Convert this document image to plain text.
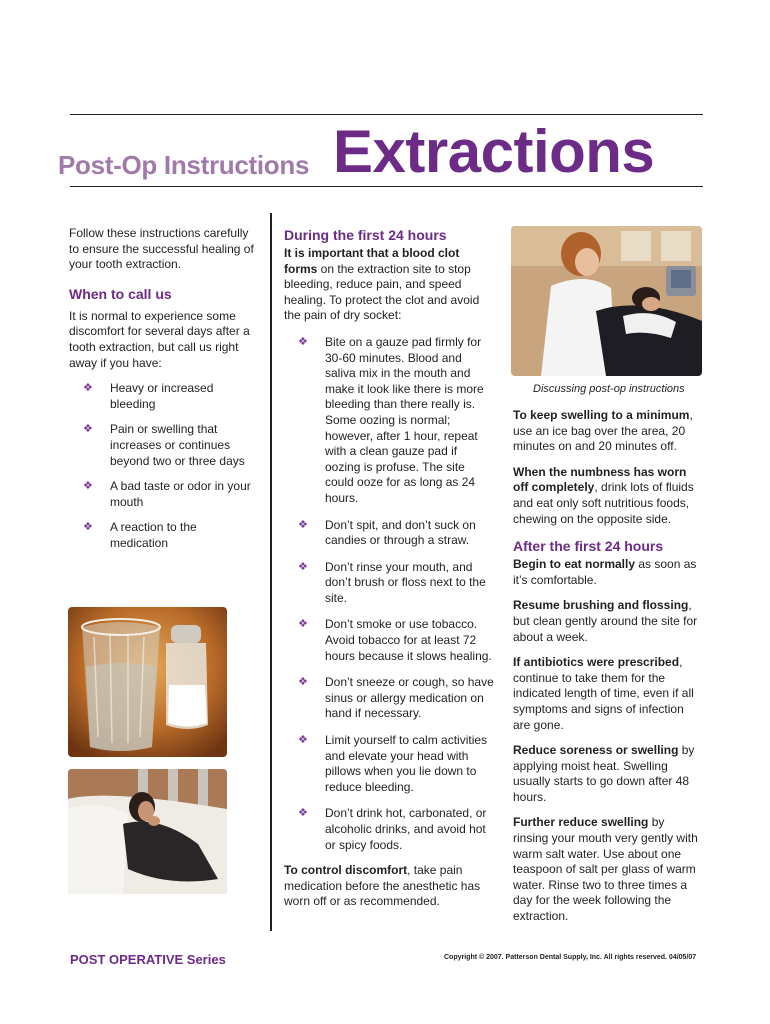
Post-Op Instructions Extractions

Follow these instructions carefully to ensure the successful healing of your tooth extraction.

When to call us

It is normal to experience some discomfort for several days after a tooth extraction, but call us right away if you have:

❖ Heavy or increased bleeding
❖ Pain or swelling that increases or continues beyond two or three days
❖ A bad taste or odor in your mouth
❖ A reaction to the medication
During the first 24 hours

It is important that a blood clot forms on the extraction site to stop bleeding, reduce pain, and speed healing. To protect the clot and avoid the pain of dry socket:

❖ Bite on a gauze pad firmly for 30-60 minutes. Blood and saliva mix in the mouth and make it look like there is more bleeding than there really is. Some oozing is normal; however, after 1 hour, repeat with a clean gauze pad if oozing is profuse. The site could ooze for as long as 24 hours.
❖ Don’t spit, and don’t suck on candies or through a straw.
❖ Don’t rinse your mouth, and don’t brush or floss next to the site.
❖ Don’t smoke or use tobacco. Avoid tobacco for at least 72 hours because it slows healing.
❖ Don’t sneeze or cough, so have sinus or allergy medication on hand if necessary.
❖ Limit yourself to calm activities and elevate your head with pillows when you lie down to reduce bleeding.
❖ Don’t drink hot, carbonated, or alcoholic drinks, and avoid hot or spicy foods.

To control discomfort, take pain medication before the anesthetic has worn off or as recommended.

Discussing post-op instructions

To keep swelling to a minimum, use an ice bag over the area, 20 minutes on and 20 minutes off.

When the numbness has worn off completely, drink lots of fluids and eat only soft nutritious foods, chewing on the opposite side.

After the first 24 hours

Begin to eat normally as soon as it’s comfortable.

Resume brushing and flossing, but clean gently around the site for about a week.

If antibiotics were prescribed, continue to take them for the indicated length of time, even if all symptoms and signs of infection are gone.

Reduce soreness or swelling by applying moist heat. Swelling usually starts to go down after 48 hours.

Further reduce swelling by rinsing your mouth very gently with warm salt water. Use about one teaspoon of salt per glass of warm water. Rinse two to three times a day for the week following the extraction.

POST OPERATIVE Series	Copyright © 2007. Patterson Dental Supply, Inc. All rights reserved. 04/05/07
